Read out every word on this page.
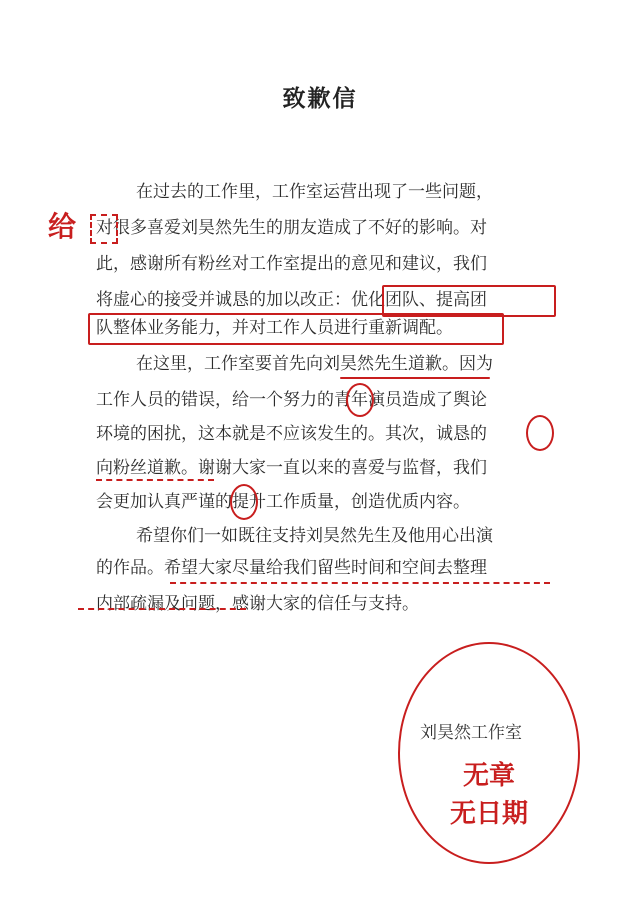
致歉信
在过去的工作里，工作室运营出现了一些问题，
对很多喜爱刘昊然先生的朋友造成了不好的影响。对
此，感谢所有粉丝对工作室提出的意见和建议，我们
将虚心的接受并诚恳的加以改正：优化团队、提高团
队整体业务能力，并对工作人员进行重新调配。
在这里，工作室要首先向刘昊然先生道歉。因为
工作人员的错误，给一个努力的青年演员造成了舆论
环境的困扰，这本就是不应该发生的。其次，诚恳的
向粉丝道歉。谢谢大家一直以来的喜爱与监督，我们
会更加认真严谨的提升工作质量，创造优质内容。
希望你们一如既往支持刘昊然先生及他用心出演
的作品。希望大家尽量给我们留些时间和空间去整理
内部疏漏及问题，感谢大家的信任与支持。
给
刘昊然工作室
无章
无日期
